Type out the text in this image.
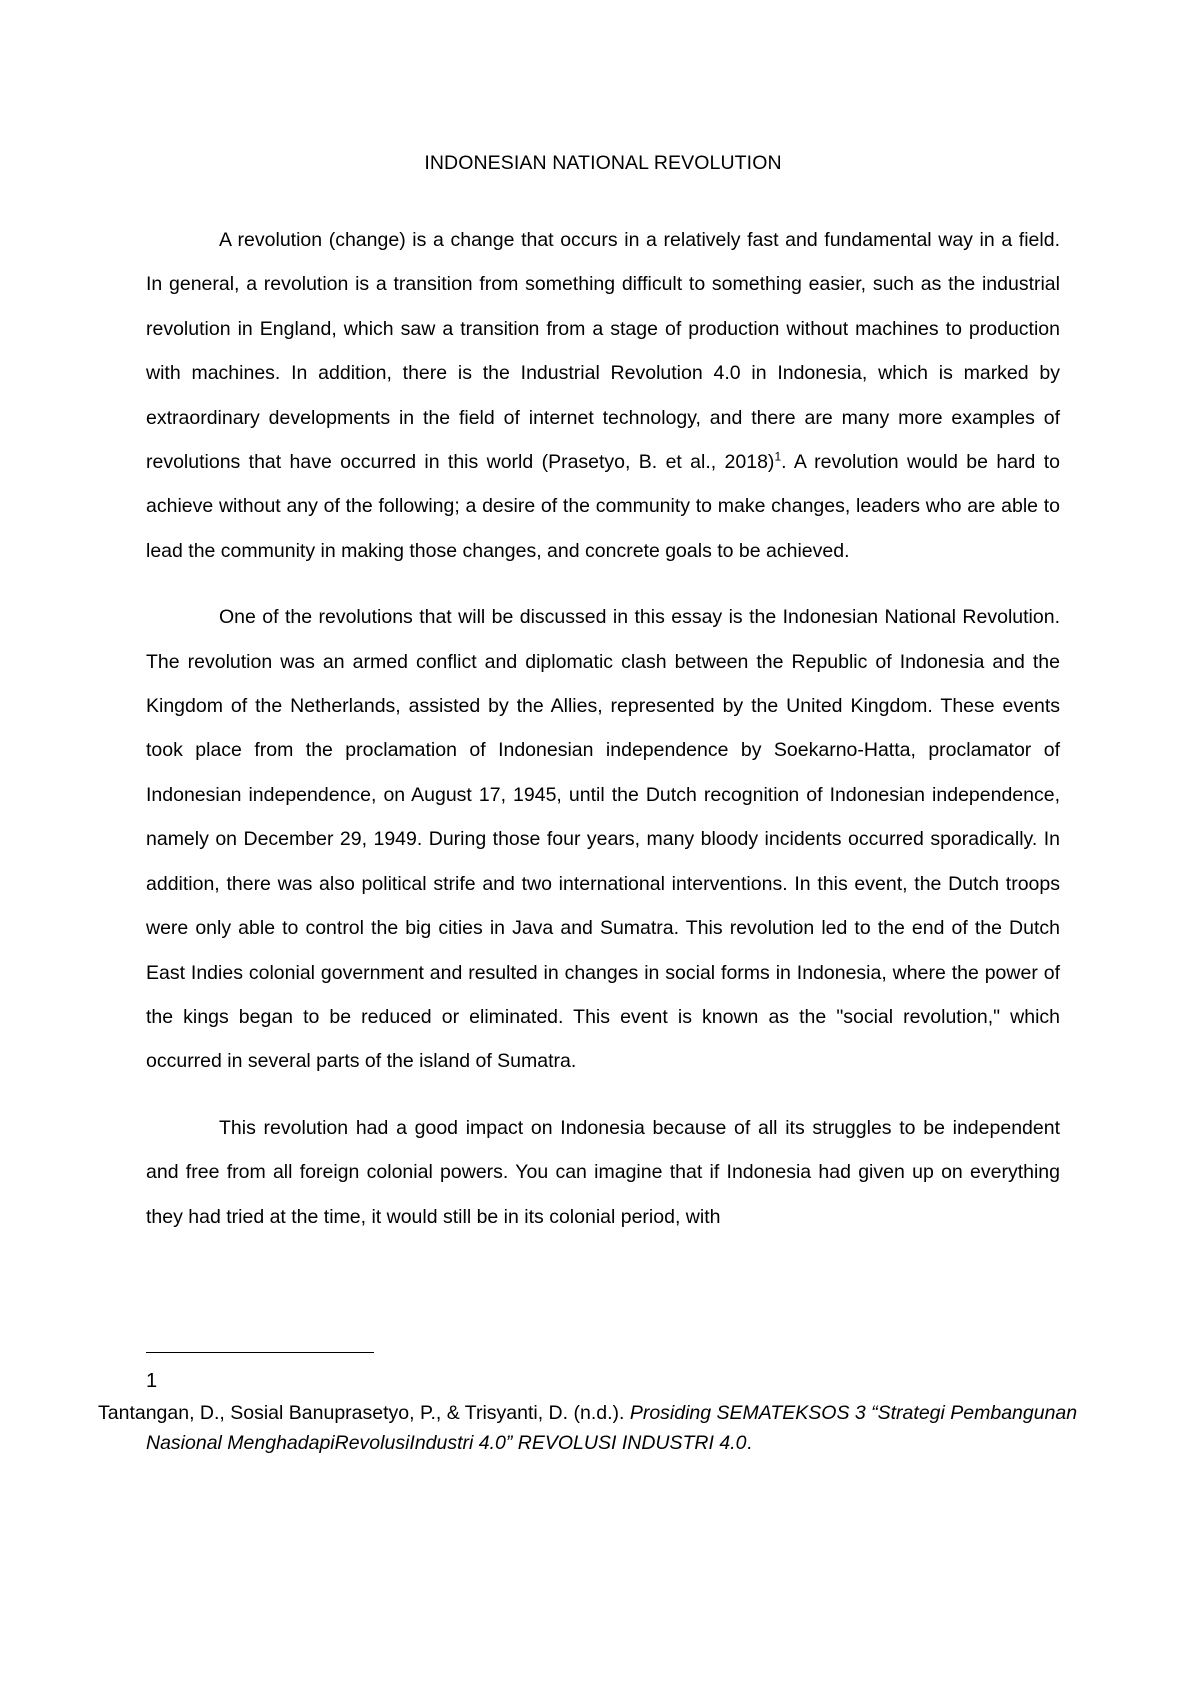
INDONESIAN NATIONAL REVOLUTION

A revolution (change) is a change that occurs in a relatively fast and fundamental way in a field. In general, a revolution is a transition from something difficult to something easier, such as the industrial revolution in England, which saw a transition from a stage of production without machines to production with machines. In addition, there is the Industrial Revolution 4.0 in Indonesia, which is marked by extraordinary developments in the field of internet technology, and there are many more examples of revolutions that have occurred in this world (Prasetyo, B. et al., 2018)$^1$. A revolution would be hard to achieve without any of the following; a desire of the community to make changes, leaders who are able to lead the community in making those changes, and concrete goals to be achieved.

One of the revolutions that will be discussed in this essay is the Indonesian National Revolution. The revolution was an armed conflict and diplomatic clash between the Republic of Indonesia and the Kingdom of the Netherlands, assisted by the Allies, represented by the United Kingdom. These events took place from the proclamation of Indonesian independence by Soekarno-Hatta, proclamator of Indonesian independence, on August 17, 1945, until the Dutch recognition of Indonesian independence, namely on December 29, 1949. During those four years, many bloody incidents occurred sporadically. In addition, there was also political strife and two international interventions. In this event, the Dutch troops were only able to control the big cities in Java and Sumatra. This revolution led to the end of the Dutch East Indies colonial government and resulted in changes in social forms in Indonesia, where the power of the kings began to be reduced or eliminated. This event is known as the "social revolution," which occurred in several parts of the island of Sumatra.

This revolution had a good impact on Indonesia because of all its struggles to be independent and free from all foreign colonial powers. You can imagine that if Indonesia had given up on everything they had tried at the time, it would still be in its colonial period, with

1
Tantangan, D., Sosial Banuprasetyo, P., & Trisyanti, D. (n.d.). Prosiding SEMATEKSOS 3 “Strategi Pembangunan Nasional MenghadapiRevolusiIndustri 4.0” REVOLUSI INDUSTRI 4.0.
